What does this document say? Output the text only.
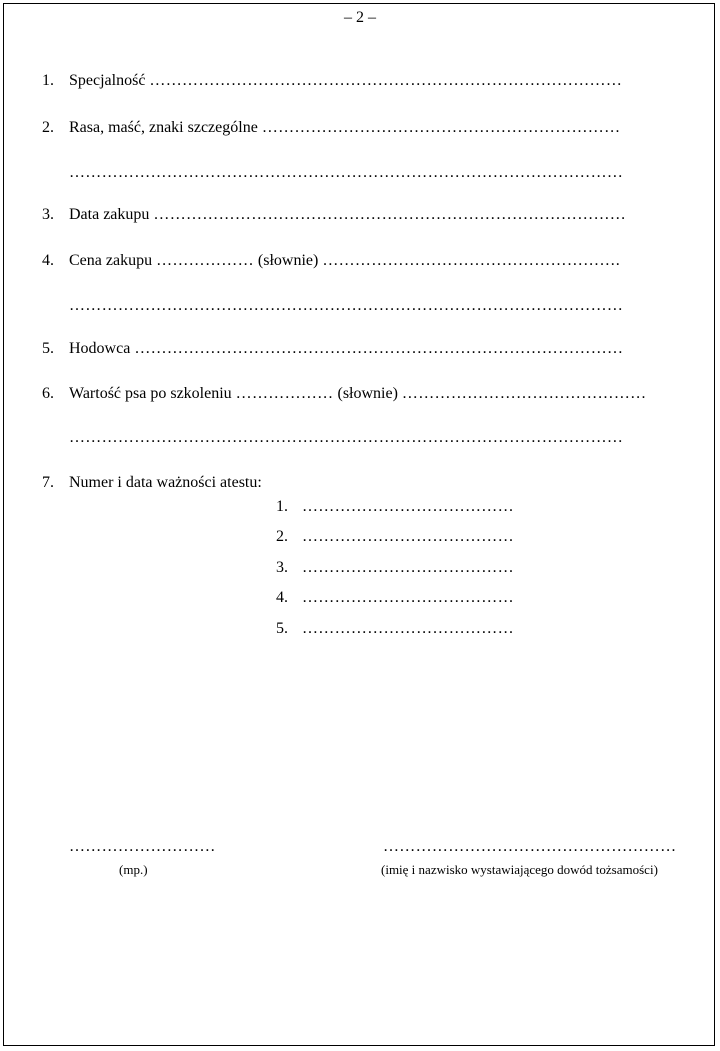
– 2 –
1. Specjalność ……………………………………………………………………………
2. Rasa, maść, znaki szczególne …………………………………………………………
…………………………………………………………………………………………
3. Data zakupu ……………………………………………………………………………
4. Cena zakupu ……………… (słownie) ……………………………………………….
…………………………………………………………………………………………
5. Hodowca ………………………………………………………………………………
6. Wartość psa po szkoleniu ……………… (słownie) ………………………………………
…………………………………………………………………………………………
7. Numer i data ważności atestu:
1. …………………………………
2. …………………………………
3. …………………………………
4. …………………………………
5. …………………………………
………………………
(mp.)
………………………………………………
(imię i nazwisko wystawiającego dowód tożsamości)
